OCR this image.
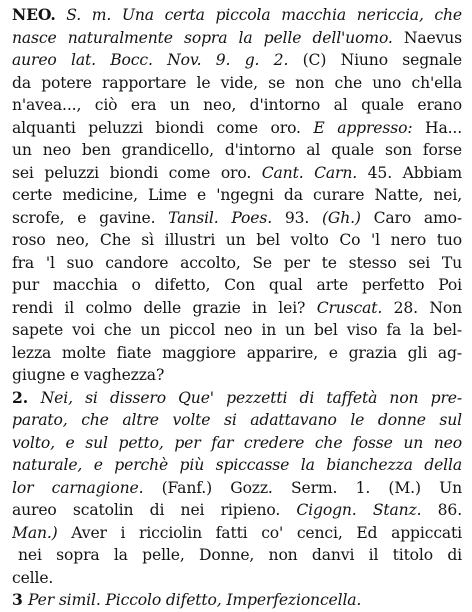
NEO. S. m. Una certa piccola macchia nericcia, che
nasce naturalmente sopra la pelle dell'uomo. Naevus
aureo lat. Bocc. Nov. 9. g. 2. (C) Niuno segnale
da potere rapportare le vide, se non che uno ch'ella
n'avea..., ciò era un neo, d'intorno al quale erano
alquanti peluzzi biondi come oro. E appresso: Ha...
un neo ben grandicello, d'intorno al quale son forse
sei peluzzi biondi come oro. Cant. Carn. 45. Abbiam
certe medicine, Lime e 'ngegni da curare Natte, nei,
scrofe, e gavine. Tansil. Poes. 93. (Gh.) Caro amo-
roso neo, Che sì illustri un bel volto Co 'l nero tuo
fra 'l suo candore accolto, Se per te stesso sei Tu
pur macchia o difetto, Con qual arte perfetto Poi
rendi il colmo delle grazie in lei? Cruscat. 28. Non
sapete voi che un piccol neo in un bel viso fa la bel-
lezza molte fiate maggiore apparire, e grazia gli ag-
giugne e vaghezza?
2. Nei, si dissero Que' pezzetti di taffetà non pre-
parato, che altre volte si adattavano le donne sul
volto, e sul petto, per far credere che fosse un neo
naturale, e perchè più spiccasse la bianchezza della
lor carnagione. (Fanf.) Gozz. Serm. 1. (M.) Un
aureo scatolin di nei ripieno. Cigogn. Stanz. 86.
Man.) Aver i ricciolin fatti co' cenci, Ed appiccati
nei sopra la pelle, Donne, non danvi il titolo di
celle.
3 Per simil. Piccolo difetto, Imperfezioncella.
